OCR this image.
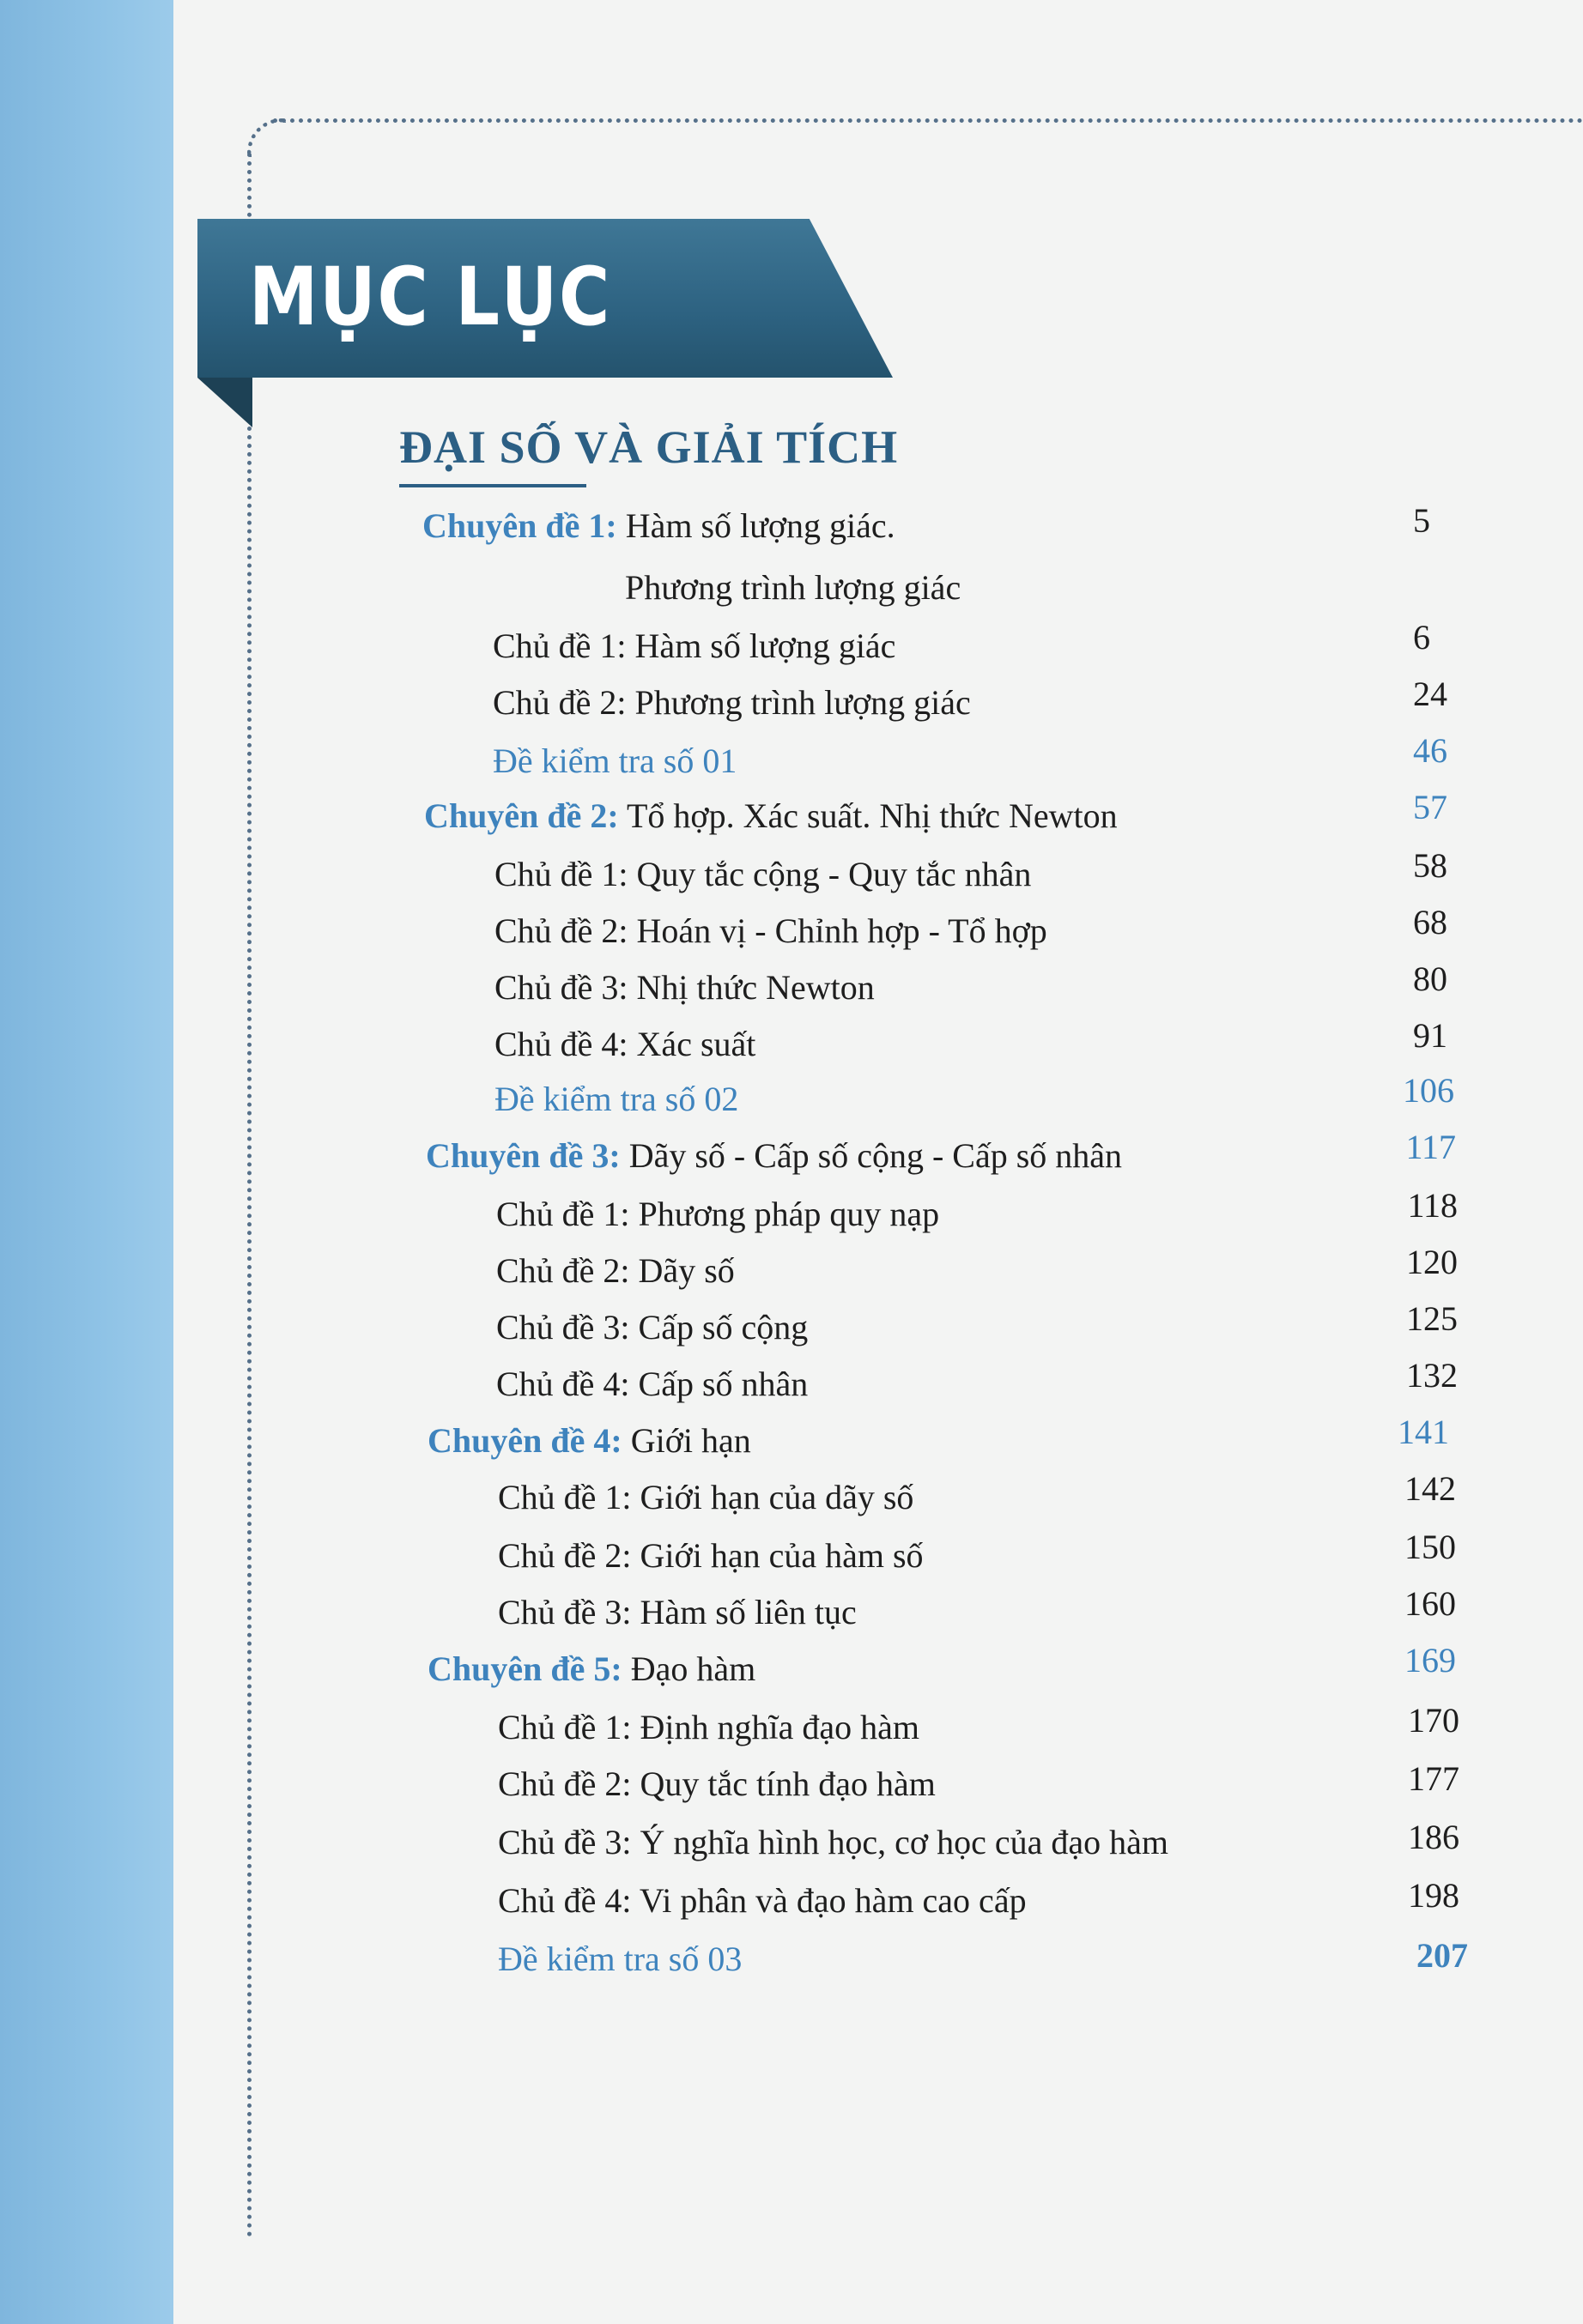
MỤC LỤC
ĐẠI SỐ VÀ GIẢI TÍCH
Chuyên đề 1: Hàm số lượng giác.	5
Phương trình lượng giác
Chủ đề 1: Hàm số lượng giác	6
Chủ đề 2: Phương trình lượng giác	24
Đề kiểm tra số 01	46
Chuyên đề 2: Tổ hợp. Xác suất. Nhị thức Newton	57
Chủ đề 1: Quy tắc cộng - Quy tắc nhân	58
Chủ đề 2: Hoán vị - Chỉnh hợp - Tổ hợp	68
Chủ đề 3: Nhị thức Newton	80
Chủ đề 4: Xác suất	91
Đề kiểm tra số 02	106
Chuyên đề 3: Dãy số - Cấp số cộng - Cấp số nhân	117
Chủ đề 1: Phương pháp quy nạp	118
Chủ đề 2: Dãy số	120
Chủ đề 3: Cấp số cộng	125
Chủ đề 4: Cấp số nhân	132
Chuyên đề 4: Giới hạn	141
Chủ đề 1: Giới hạn của dãy số	142
Chủ đề 2: Giới hạn của hàm số	150
Chủ đề 3: Hàm số liên tục	160
Chuyên đề 5: Đạo hàm	169
Chủ đề 1: Định nghĩa đạo hàm	170
Chủ đề 2: Quy tắc tính đạo hàm	177
Chủ đề 3: Ý nghĩa hình học, cơ học của đạo hàm	186
Chủ đề 4: Vi phân và đạo hàm cao cấp	198
Đề kiểm tra số 03	207
